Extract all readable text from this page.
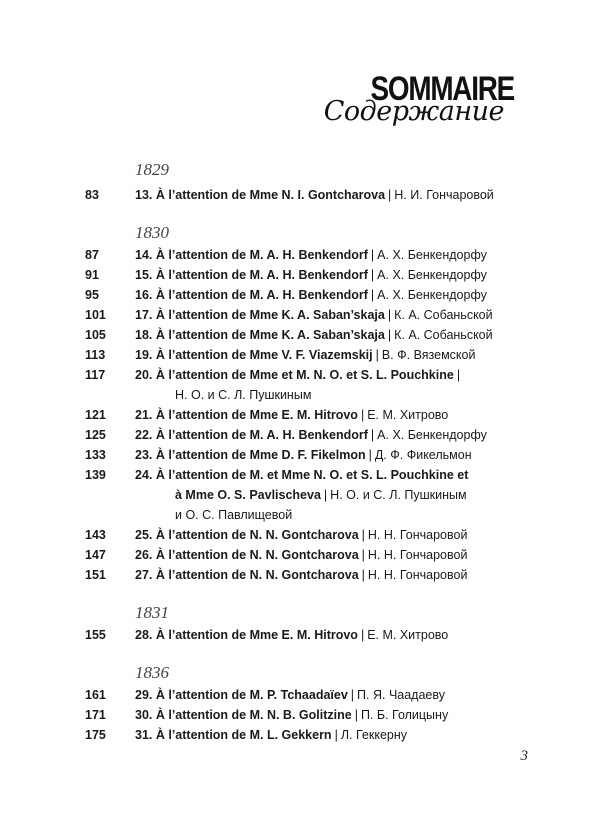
SOMMAIRE
Содержание
1829
83	13. À l’attention de Mme N. I. Gontcharova | Н. И. Гончаровой
1830
87	14. À l’attention de M. A. H. Benkendorf | А. Х. Бенкендорфу
91	15. À l’attention de M. A. H. Benkendorf | А. Х. Бенкендорфу
95	16. À l’attention de M. A. H. Benkendorf | А. Х. Бенкендорфу
101 17. À l’attention de Mme K. A. Saban’skaja | К. А. Собаньской
105 18. À l’attention de Mme K. A. Saban’skaja | К. А. Собаньской
113 19. À l’attention de Mme V. F. Viazemskij | В. Ф. Вяземской
117 20. À l’attention de Mme et M. N. O. et S. L. Pouchkine |
Н. О. и С. Л. Пушкиным
121 21. À l’attention de Mme E. M. Hitrovo | Е. М. Хитрово
125 22. À l’attention de M. A. H. Benkendorf | А. Х. Бенкендорфу
133 23. À l’attention de Mme D. F. Fikelmon | Д. Ф. Фикельмон
139 24. À l’attention de M. et Mme N. O. et S. L. Pouchkine et
à Mme O. S. Pavlischeva | Н. О. и С. Л. Пушкиным
и О. С. Павлищевой
143 25. À l’attention de N. N. Gontcharova | Н. Н. Гончаровой
147 26. À l’attention de N. N. Gontcharova | Н. Н. Гончаровой
151 27. À l’attention de N. N. Gontcharova | Н. Н. Гончаровой
1831
155 28. À l’attention de Mme E. M. Hitrovo | Е. М. Хитрово
1836
161 29. À l’attention de M. P. Tchaadaïev | П. Я. Чаадаеву
171 30. À l’attention de M. N. B. Golitzine | П. Б. Голицыну
175 31. À l’attention de M. L. Gekkern | Л. Геккерну
3
